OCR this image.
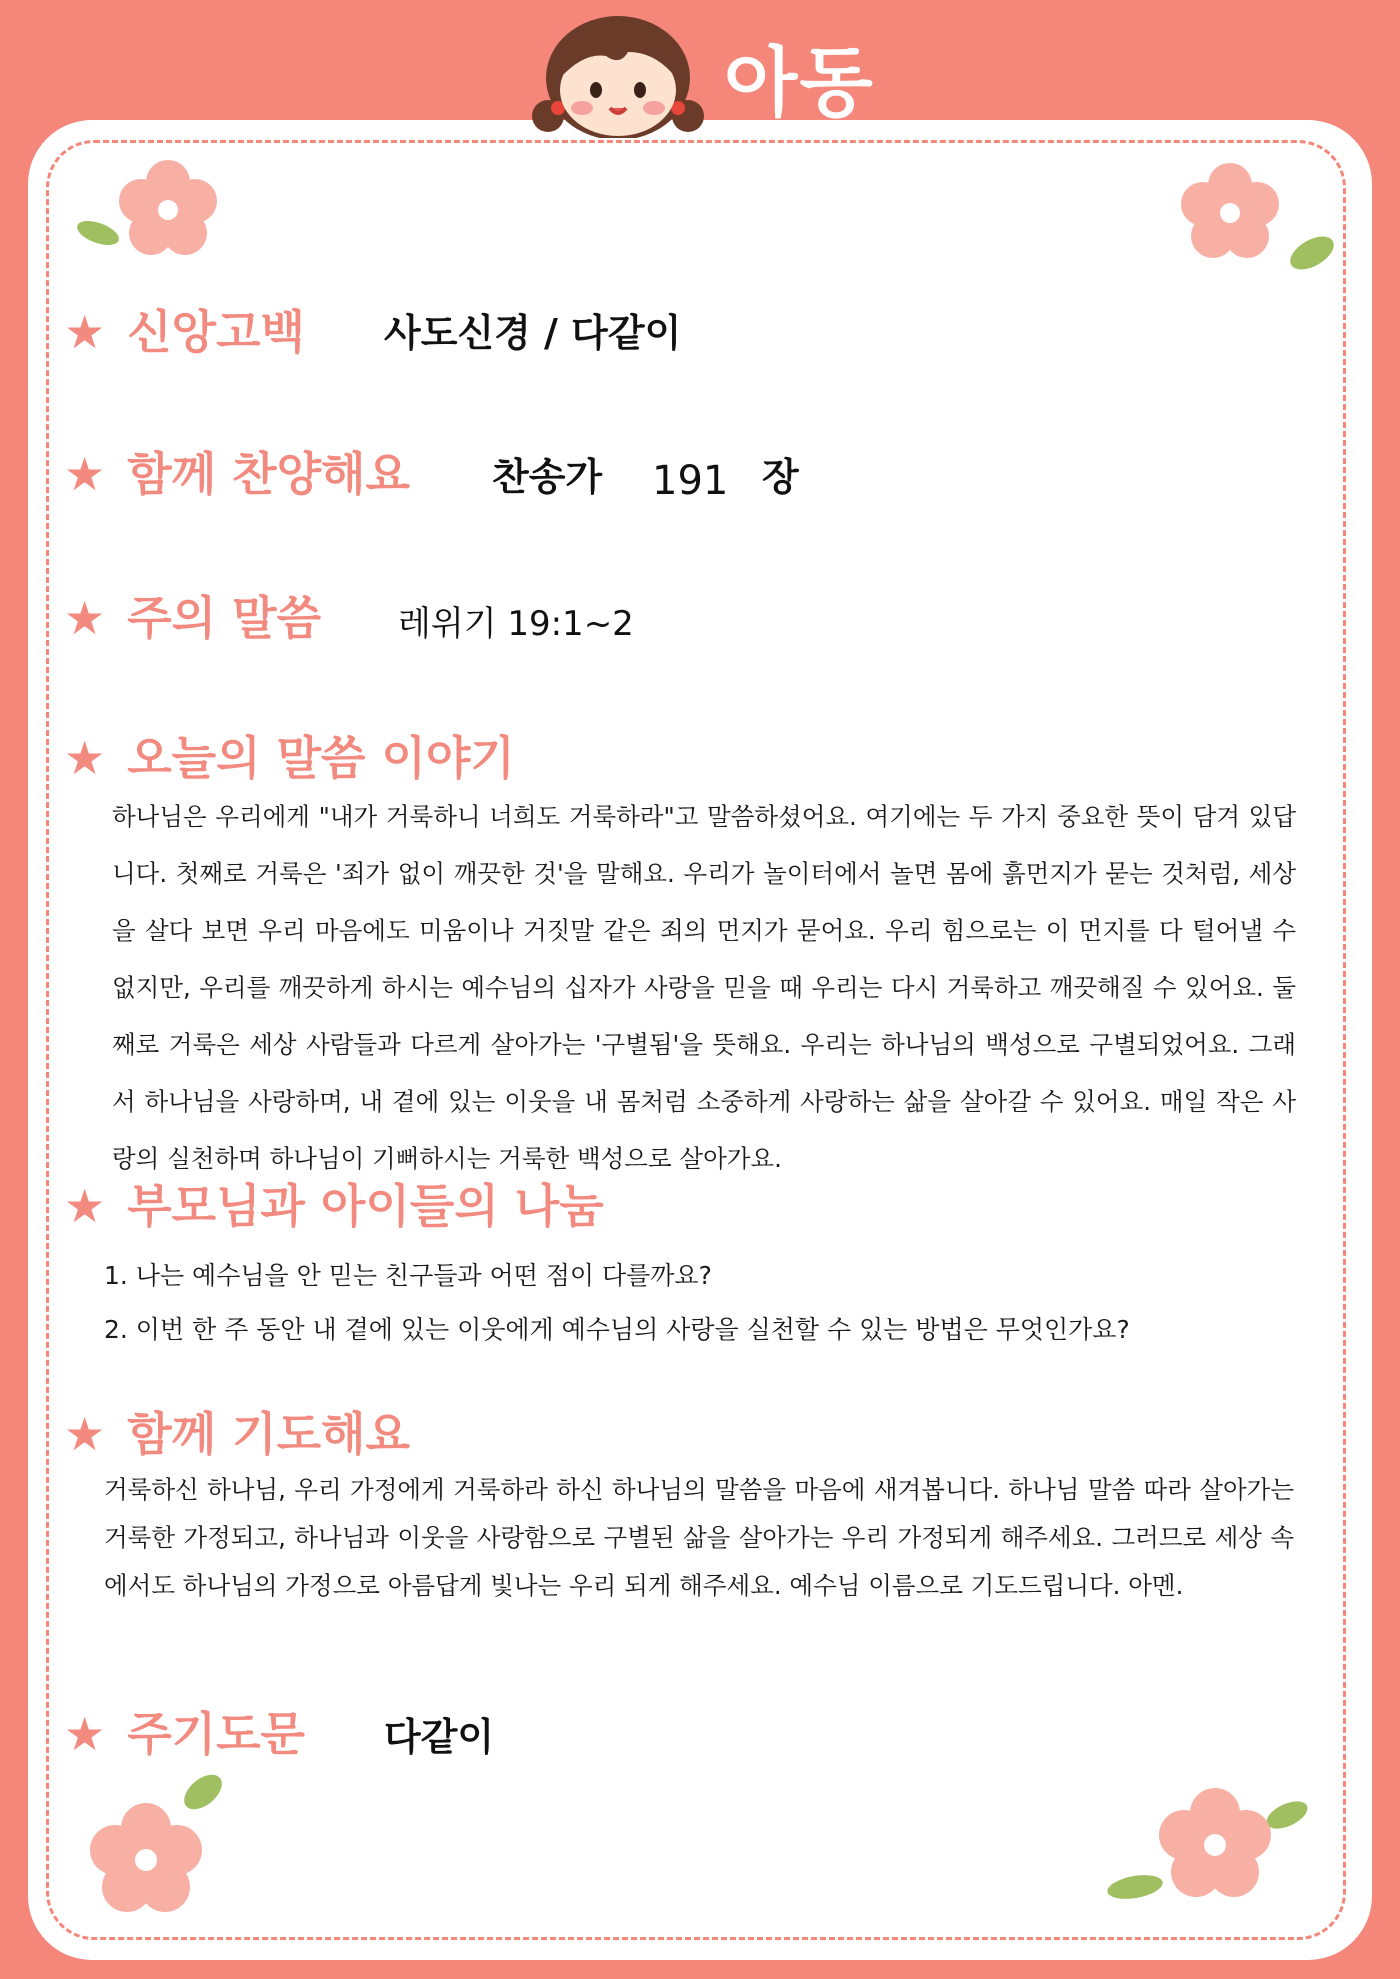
아동
★ 신앙고백 사도신경 / 다같이
★ 함께 찬양해요 찬송가 191 장
★ 주의 말씀 레위기 19:1~2
★ 오늘의 말씀 이야기
하나님은 우리에게 "내가 거룩하니 너희도 거룩하라"고 말씀하셨어요. 여기에는 두 가지 중요한 뜻이 담겨 있답니다. 첫째로 거룩은 '죄가 없이 깨끗한 것'을 말해요. 우리가 놀이터에서 놀면 몸에 흙먼지가 묻는 것처럼, 세상을 살다 보면 우리 마음에도 미움이나 거짓말 같은 죄의 먼지가 묻어요. 우리 힘으로는 이 먼지를 다 털어낼 수 없지만, 우리를 깨끗하게 하시는 예수님의 십자가 사랑을 믿을 때 우리는 다시 거룩하고 깨끗해질 수 있어요. 둘째로 거룩은 세상 사람들과 다르게 살아가는 '구별됨'을 뜻해요. 우리는 하나님의 백성으로 구별되었어요. 그래서 하나님을 사랑하며, 내 곁에 있는 이웃을 내 몸처럼 소중하게 사랑하는 삶을 살아갈 수 있어요. 매일 작은 사랑의 실천하며 하나님이 기뻐하시는 거룩한 백성으로 살아가요.
★ 부모님과 아이들의 나눔
1. 나는 예수님을 안 믿는 친구들과 어떤 점이 다를까요?
2. 이번 한 주 동안 내 곁에 있는 이웃에게 예수님의 사랑을 실천할 수 있는 방법은 무엇인가요?
★ 함께 기도해요
거룩하신 하나님, 우리 가정에게 거룩하라 하신 하나님의 말씀을 마음에 새겨봅니다. 하나님 말씀 따라 살아가는 거룩한 가정되고, 하나님과 이웃을 사랑함으로 구별된 삶을 살아가는 우리 가정되게 해주세요. 그러므로 세상 속에서도 하나님의 가정으로 아름답게 빛나는 우리 되게 해주세요. 예수님 이름으로 기도드립니다. 아멘.
★ 주기도문 다같이
